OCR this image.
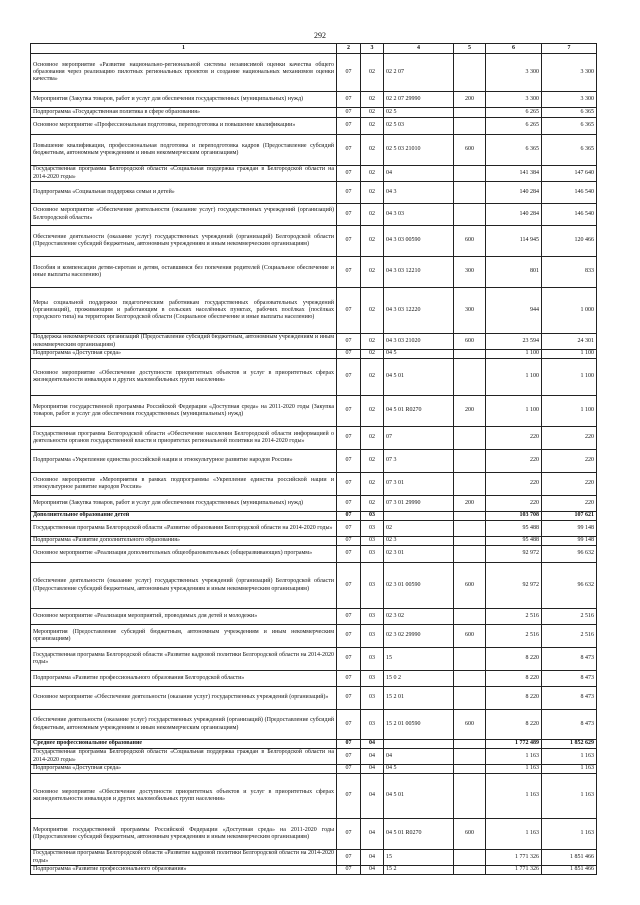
292
1	2	3	4	5	6	7
Основное мероприятие «Развитие национально-региональной системы независимой оценки качества общего образования через реализацию пилотных региональных проектов и создание национальных механизмов оценки качества»	07	02	02 2 07		3 300	3 300
Мероприятия (Закупка товаров, работ и услуг для обеспечения государственных (муниципальных) нужд)	07	02	02 2 07 29990	200	3 300	3 300
Подпрограмма «Государственная политика в сфере образования»	07	02	02 5		6 265	6 365
Основное мероприятие «Профессиональная подготовка, переподготовка и повышение квалификации»	07	02	02 5 03		6 265	6 365
Повышение квалификации, профессиональная подготовка и переподготовка кадров (Предоставление субсидий бюджетным, автономным учреждениям и иным некоммерческим организациям)	07	02	02 5 03 21010	600	6 365	6 365
Государственная программа Белгородской области «Социальная поддержка граждан в Белгородской области на 2014-2020 годы»	07	02	04		141 384	147 640
Подпрограмма «Социальная поддержка семьи и детей»	07	02	04 3		140 284	146 540
Основное мероприятие «Обеспечение деятельности (оказание услуг) государственных учреждений (организаций) Белгородской области»	07	02	04 3 03		140 284	146 540
Обеспечение деятельности (оказание услуг) государственных учреждений (организаций) Белгородской области (Предоставление субсидий бюджетным, автономным учреждениям и иным некоммерческим организациям)	07	02	04 3 03 00590	600	114 945	120 466
Пособия и компенсации детям-сиротам и детям, оставшимся без попечения родителей (Социальное обеспечение и иные выплаты населению)	07	02	04 3 03 12210	300	801	833
Меры социальной поддержки педагогическим работникам государственных образовательных учреждений (организаций), проживающим и работающим в сельских населённых пунктах, рабочих посёлках (посёлках городского типа) на территории Белгородской области (Социальное обеспечение и иные выплаты населению)	07	02	04 3 03 12220	300	944	1 000
Поддержка некоммерческих организаций (Предоставление субсидий бюджетным, автономным учреждениям и иным некоммерческим организациям)	07	02	04 3 03 21020	600	23 594	24 301
Подпрограмма «Доступная среда»	07	02	04 5		1 100	1 100
Основное мероприятие «Обеспечение доступности приоритетных объектов и услуг в приоритетных сферах жизнедеятельности инвалидов и других маломобильных групп населения»	07	02	04 5 01		1 100	1 100
Мероприятия государственной программы Российской Федерации «Доступная среда» на 2011-2020 годы (Закупка товаров, работ и услуг для обеспечения государственных (муниципальных) нужд)	07	02	04 5 01 R0270	200	1 100	1 100
Государственная программа Белгородской области «Обеспечение населения Белгородской области информацией о деятельности органов государственной власти и приоритетах региональной политики на 2014-2020 годы»	07	02	07		220	220
Подпрограмма «Укрепление единства российской нации и этнокультурное развитие народов России»	07	02	07 3		220	220
Основное мероприятие «Мероприятия в рамках подпрограммы «Укрепление единства российской нации и этнокультурное развитие народов России»	07	02	07 3 01		220	220
Мероприятия (Закупка товаров, работ и услуг для обеспечения государственных (муниципальных) нужд)	07	02	07 3 01 29990	200	220	220
Дополнительное образование детей	07	03			103 708	107 621
Государственная программа Белгородской области «Развитие образования Белгородской области на 2014-2020 годы»	07	03	02		95 488	99 148
Подпрограмма «Развитие дополнительного образования»	07	03	02 3		95 488	99 148
Основное мероприятие «Реализация дополнительных общеобразовательных (общеразвивающих) программ»	07	03	02 3 01		92 972	96 632
Обеспечение деятельности (оказание услуг) государственных учреждений (организаций) Белгородской области (Предоставление субсидий бюджетным, автономным учреждениям и иным некоммерческим организациям)	07	03	02 3 01 00590	600	92 972	96 632
Основное мероприятие «Реализация мероприятий, проводимых для детей и молодежи»	07	03	02 3 02		2 516	2 516
Мероприятия (Предоставление субсидий бюджетным, автономным учреждениям и иным некоммерческим организациям)	07	03	02 3 02 29990	600	2 516	2 516
Государственная программа Белгородской области «Развитие кадровой политики Белгородской области на 2014-2020 годы»	07	03	15		8 220	8 473
Подпрограмма «Развитие профессионального образования Белгородской области»	07	03	15 0 2		8 220	8 473
Основное мероприятие «Обеспечение деятельности (оказание услуг) государственных учреждений (организаций)»	07	03	15 2 01		8 220	8 473
Обеспечение деятельности (оказание услуг) государственных учреждений (организаций) (Предоставление субсидий бюджетным, автономным учреждениям и иным некоммерческим организациям)	07	03	15 2 01 00590	600	8 220	8 473
Среднее профессиональное образование	07	04			1 772 489	1 852 629
Государственная программа Белгородской области «Социальная поддержка граждан в Белгородской области на 2014-2020 годы»	07	04	04		1 163	1 163
Подпрограмма «Доступная среда»	07	04	04 5		1 163	1 163
Основное мероприятие «Обеспечение доступности приоритетных объектов и услуг в приоритетных сферах жизнедеятельности инвалидов и других маломобильных групп населения»	07	04	04 5 01		1 163	1 163
Мероприятия государственной программы Российской Федерации «Доступная среда» на 2011-2020 годы (Предоставление субсидий бюджетным, автономным учреждениям и иным некоммерческим организациям)	07	04	04 5 01 R0270	600	1 163	1 163
Государственная программа Белгородской области «Развитие кадровой политики Белгородской области на 2014-2020 годы»	07	04	15		1 771 326	1 851 466
Подпрограмма «Развитие профессионального образования»	07	04	15 2		1 771 326	1 851 466
